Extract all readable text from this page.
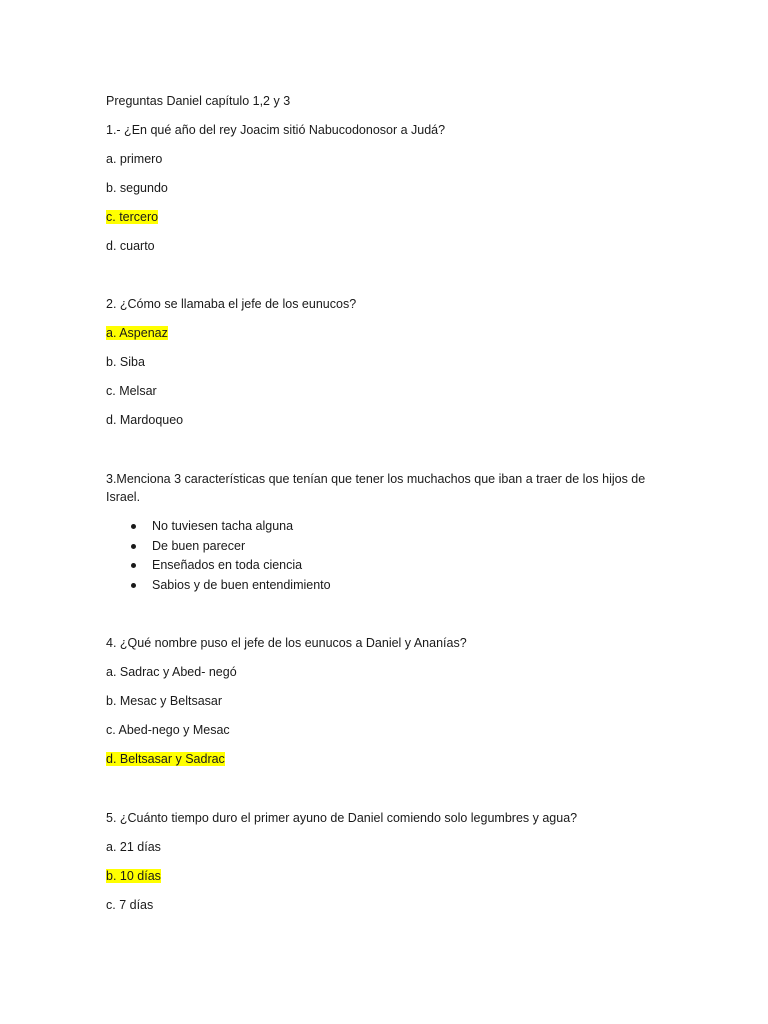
Preguntas Daniel capítulo 1,2 y 3
1.- ¿En qué año del rey Joacim sitió Nabucodonosor a Judá?
a. primero
b. segundo
c. tercero
d. cuarto
2. ¿Cómo se llamaba el jefe de los eunucos?
a. Aspenaz
b. Siba
c. Melsar
d. Mardoqueo
3.Menciona 3 características que tenían que tener los muchachos que iban a traer de los hijos de Israel.
No tuviesen tacha alguna
De buen parecer
Enseñados en toda ciencia
Sabios y de buen entendimiento
4. ¿Qué nombre puso el jefe de los eunucos a Daniel y Ananías?
a. Sadrac y Abed- negó
b. Mesac y Beltsasar
c. Abed-nego y Mesac
d. Beltsasar y Sadrac
5. ¿Cuánto tiempo duro el primer ayuno de Daniel comiendo solo legumbres y agua?
a. 21 días
b. 10 días
c. 7 días
